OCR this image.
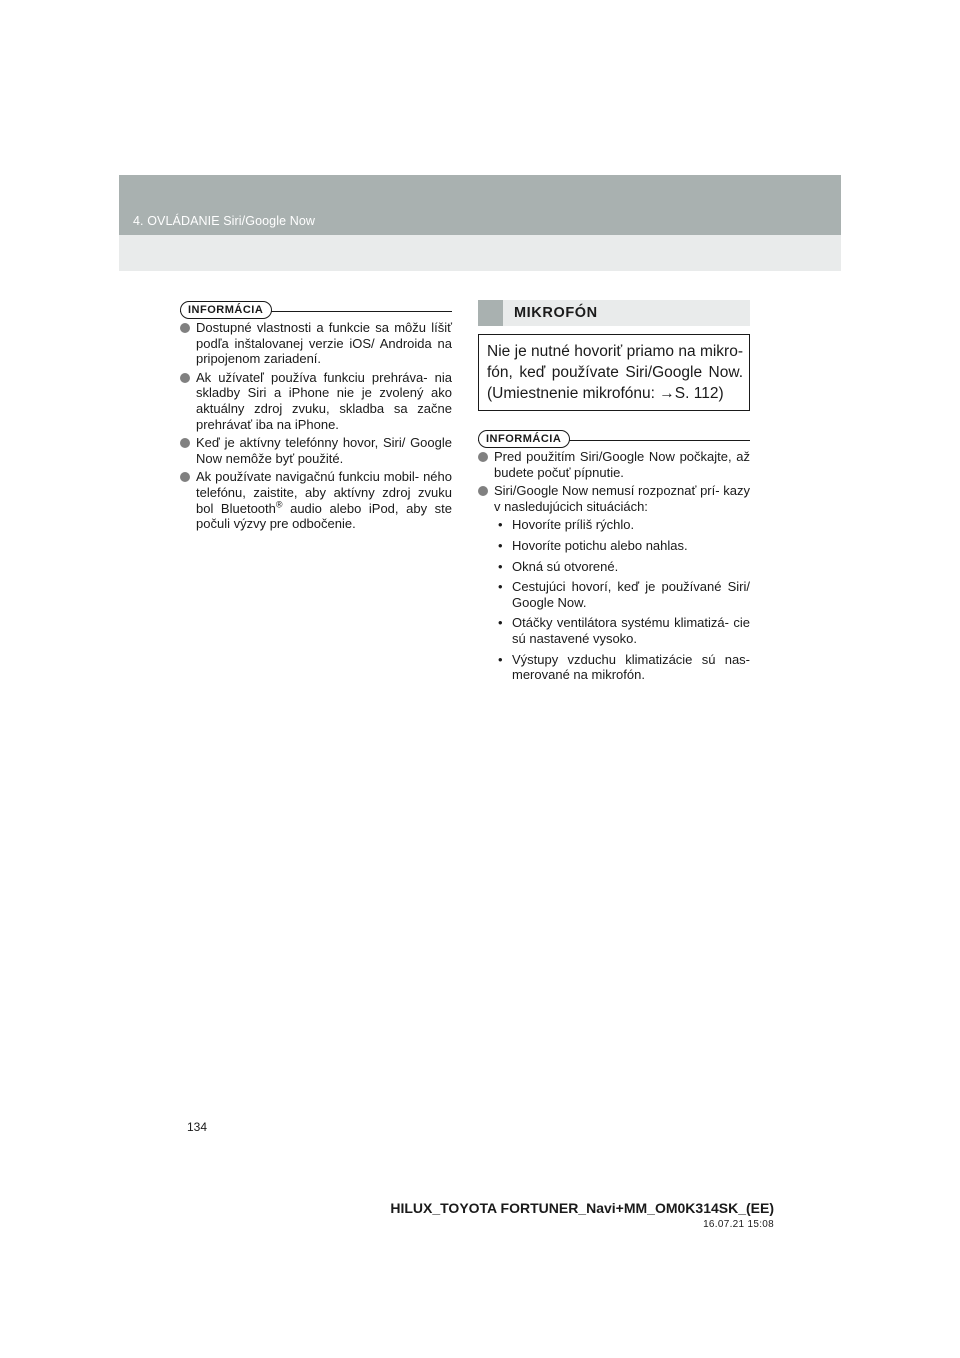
4. OVLÁDANIE Siri/Google Now
INFORMÁCIA
Dostupné vlastnosti a funkcie sa môžu líšiť podľa inštalovanej verzie iOS/ Androida na pripojenom zariadení.
Ak užívateľ používa funkciu prehráva- nia skladby Siri a iPhone nie je zvolený ako aktuálny zdroj zvuku, skladba sa začne prehrávať iba na iPhone.
Keď je aktívny telefónny hovor, Siri/ Google Now nemôže byť použité.
Ak používate navigačnú funkciu mobil- ného telefónu, zaistite, aby aktívny zdroj zvuku bol Bluetooth® audio alebo iPod, aby ste počuli výzvy pre odbočenie.
MIKROFÓN
Nie je nutné hovoriť priamo na mikro- fón, keď používate Siri/Google Now. (Umiestnenie mikrofónu: →S. 112)
INFORMÁCIA
Pred použitím Siri/Google Now počkajte, až budete počuť pípnutie.
Siri/Google Now nemusí rozpoznať prí- kazy v nasledujúcich situáciách:
• Hovoríte príliš rýchlo.
• Hovoríte potichu alebo nahlas.
• Okná sú otvorené.
• Cestujúci hovorí, keď je používané Siri/ Google Now.
• Otáčky ventilátora systému klimatizá- cie sú nastavené vysoko.
• Výstupy vzduchu klimatizácie sú nas- merované na mikrofón.
134
HILUX_TOYOTA FORTUNER_Navi+MM_OM0K314SK_(EE)
16.07.21 15:08
